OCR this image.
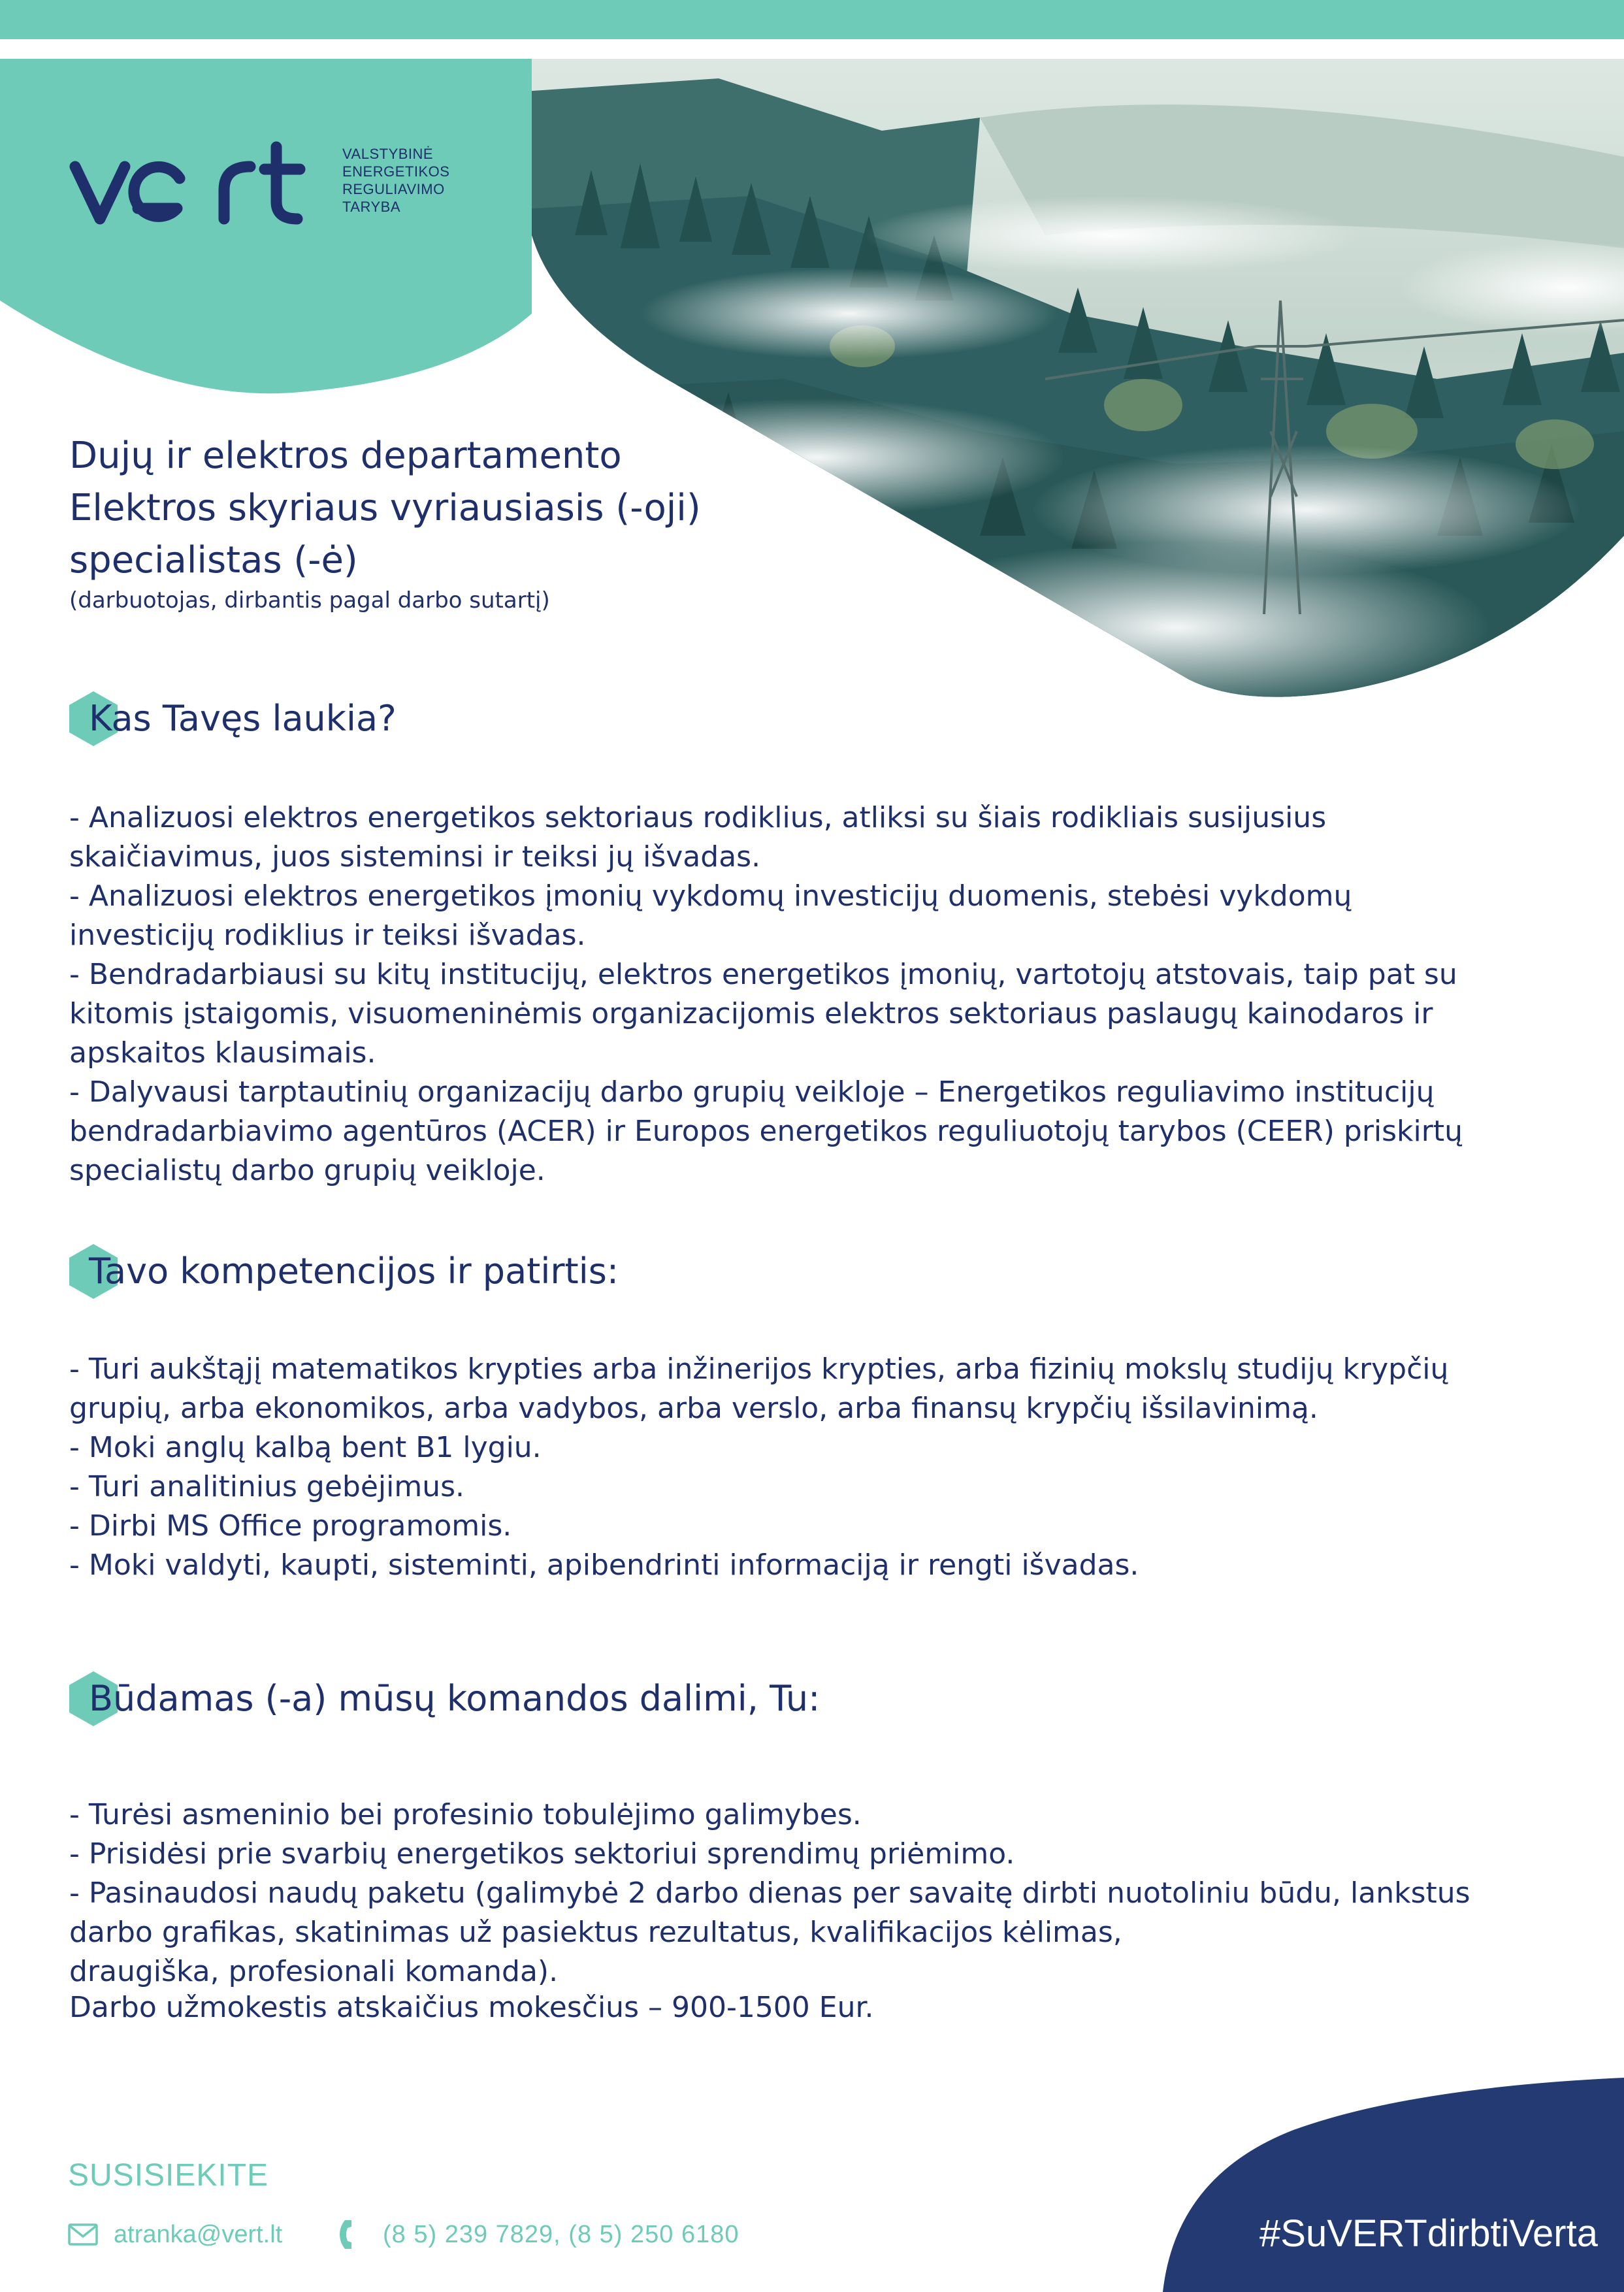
VALSTYBINĖ
ENERGETIKOS
REGULIAVIMO
TARYBA
Dujų ir elektros departamento
Elektros skyriaus vyriausiasis (-oji)
specialistas (-ė)
(darbuotojas, dirbantis pagal darbo sutartį)
Kas Tavęs laukia?
- Analizuosi elektros energetikos sektoriaus rodiklius, atliksi su šiais rodikliais susijusius
skaičiavimus, juos sisteminsi ir teiksi jų išvadas.
- Analizuosi elektros energetikos įmonių vykdomų investicijų duomenis, stebėsi vykdomų
investicijų rodiklius ir teiksi išvadas.
- Bendradarbiausi su kitų institucijų, elektros energetikos įmonių, vartotojų atstovais, taip pat su
kitomis įstaigomis, visuomeninėmis organizacijomis elektros sektoriaus paslaugų kainodaros ir
apskaitos klausimais.
- Dalyvausi tarptautinių organizacijų darbo grupių veikloje – Energetikos reguliavimo institucijų
bendradarbiavimo agentūros (ACER) ir Europos energetikos reguliuotojų tarybos (CEER) priskirtų
specialistų darbo grupių veikloje.
Tavo kompetencijos ir patirtis:
- Turi aukštąjį matematikos krypties arba inžinerijos krypties, arba fizinių mokslų studijų krypčių
grupių, arba ekonomikos, arba vadybos, arba verslo, arba finansų krypčių išsilavinimą.
- Moki anglų kalbą bent B1 lygiu.
- Turi analitinius gebėjimus.
- Dirbi MS Office programomis.
- Moki valdyti, kaupti, sisteminti, apibendrinti informaciją ir rengti išvadas.
Būdamas (-a) mūsų komandos dalimi, Tu:
- Turėsi asmeninio bei profesinio tobulėjimo galimybes.
- Prisidėsi prie svarbių energetikos sektoriui sprendimų priėmimo.
- Pasinaudosi naudų paketu (galimybė 2 darbo dienas per savaitę dirbti nuotoliniu būdu, lankstus
darbo grafikas, skatinimas už pasiektus rezultatus, kvalifikacijos kėlimas,
draugiška, profesionali komanda).
Darbo užmokestis atskaičius mokesčius – 900-1500 Eur.
SUSISIEKITE
atranka@vert.lt	(8 5) 239 7829, (8 5) 250 6180	#SuVERTdirbtiVerta
